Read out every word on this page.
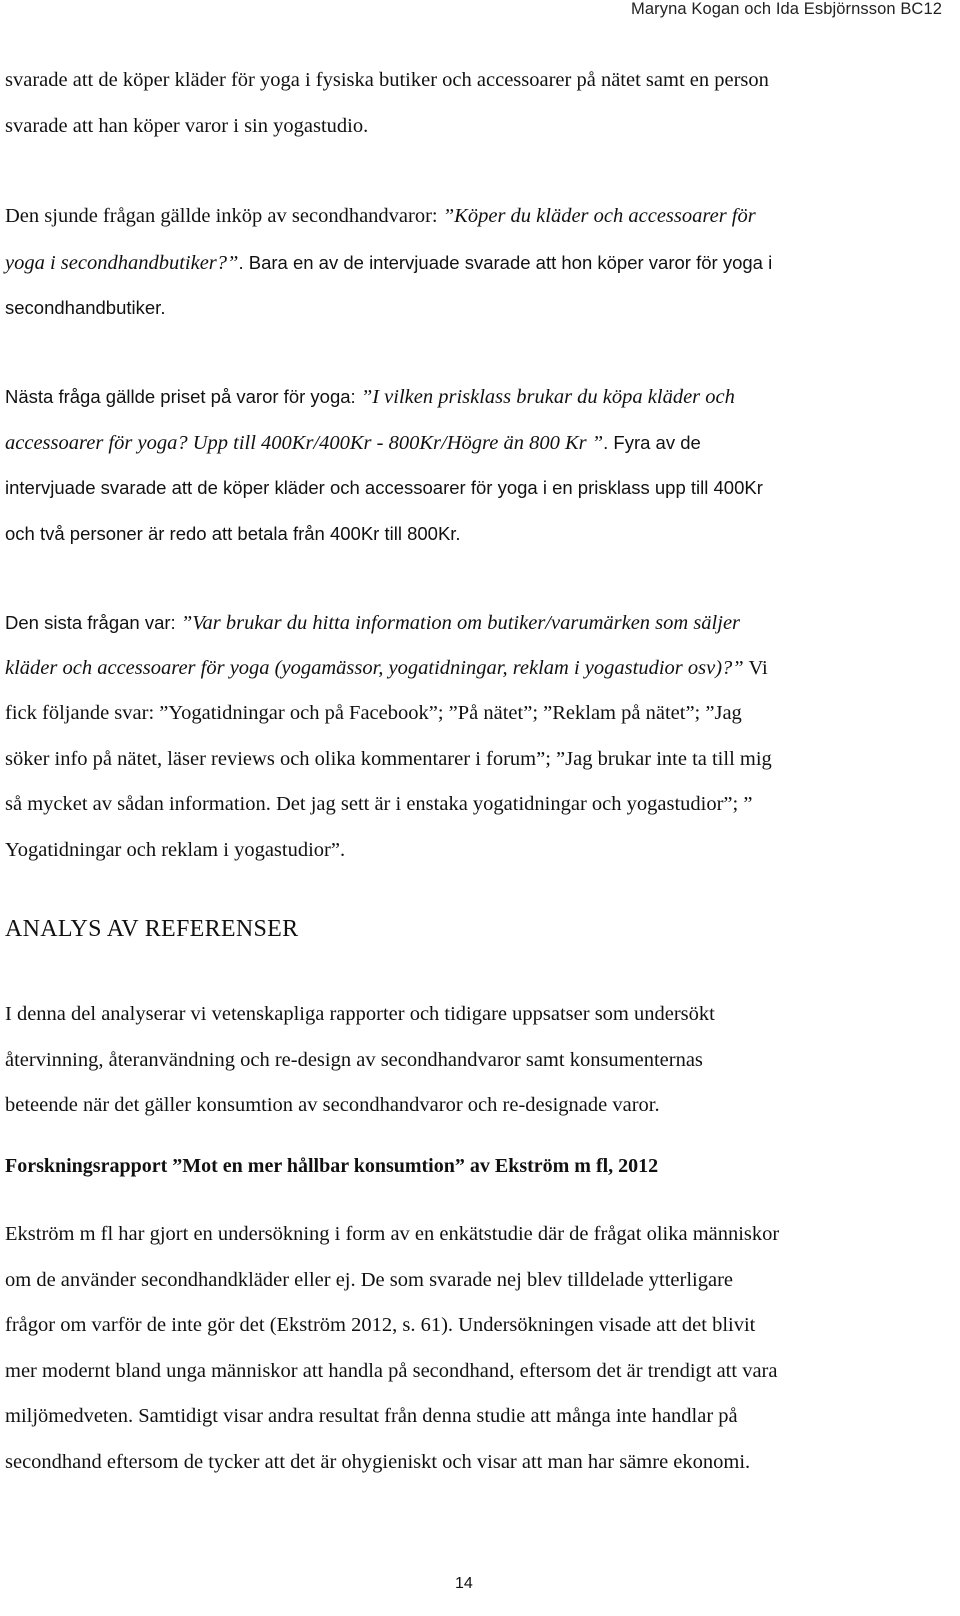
Maryna Kogan och Ida Esbjörnsson BC12

svarade att de köper kläder för yoga i fysiska butiker och accessoarer på nätet samt en person
svarade att han köper varor i sin yogastudio.

Den sjunde frågan gällde inköp av secondhandvaror: ”Köper du kläder och accessoarer för
yoga i secondhandbutiker?”. Bara en av de intervjuade svarade att hon köper varor för yoga i
secondhandbutiker.

Nästa fråga gällde priset på varor för yoga: ”I vilken prisklass brukar du köpa kläder och
accessoarer för yoga? Upp till 400Kr/400Kr - 800Kr/Högre än 800 Kr ”. Fyra av de
intervjuade svarade att de köper kläder och accessoarer för yoga i en prisklass upp till 400Kr
och två personer är redo att betala från 400Kr till 800Kr.

Den sista frågan var: ”Var brukar du hitta information om butiker/varumärken som säljer
kläder och accessoarer för yoga (yogamässor, yogatidningar, reklam i yogastudior osv)?” Vi
fick följande svar: ”Yogatidningar och på Facebook”; ”På nätet”; ”Reklam på nätet”; ”Jag
söker info på nätet, läser reviews och olika kommentarer i forum”; ”Jag brukar inte ta till mig
så mycket av sådan information. Det jag sett är i enstaka yogatidningar och yogastudior”; ”
Yogatidningar och reklam i yogastudior”.

ANALYS AV REFERENSER

I denna del analyserar vi vetenskapliga rapporter och tidigare uppsatser som undersökt
återvinning, återanvändning och re-design av secondhandvaror samt konsumenternas
beteende när det gäller konsumtion av secondhandvaror och re-designade varor.

Forskningsrapport ”Mot en mer hållbar konsumtion” av Ekström m fl, 2012

Ekström m fl har gjort en undersökning i form av en enkätstudie där de frågat olika människor
om de använder secondhandkläder eller ej. De som svarade nej blev tilldelade ytterligare
frågor om varför de inte gör det (Ekström 2012, s. 61). Undersökningen visade att det blivit
mer modernt bland unga människor att handla på secondhand, eftersom det är trendigt att vara
miljömedveten. Samtidigt visar andra resultat från denna studie att många inte handlar på
secondhand eftersom de tycker att det är ohygieniskt och visar att man har sämre ekonomi.

14
